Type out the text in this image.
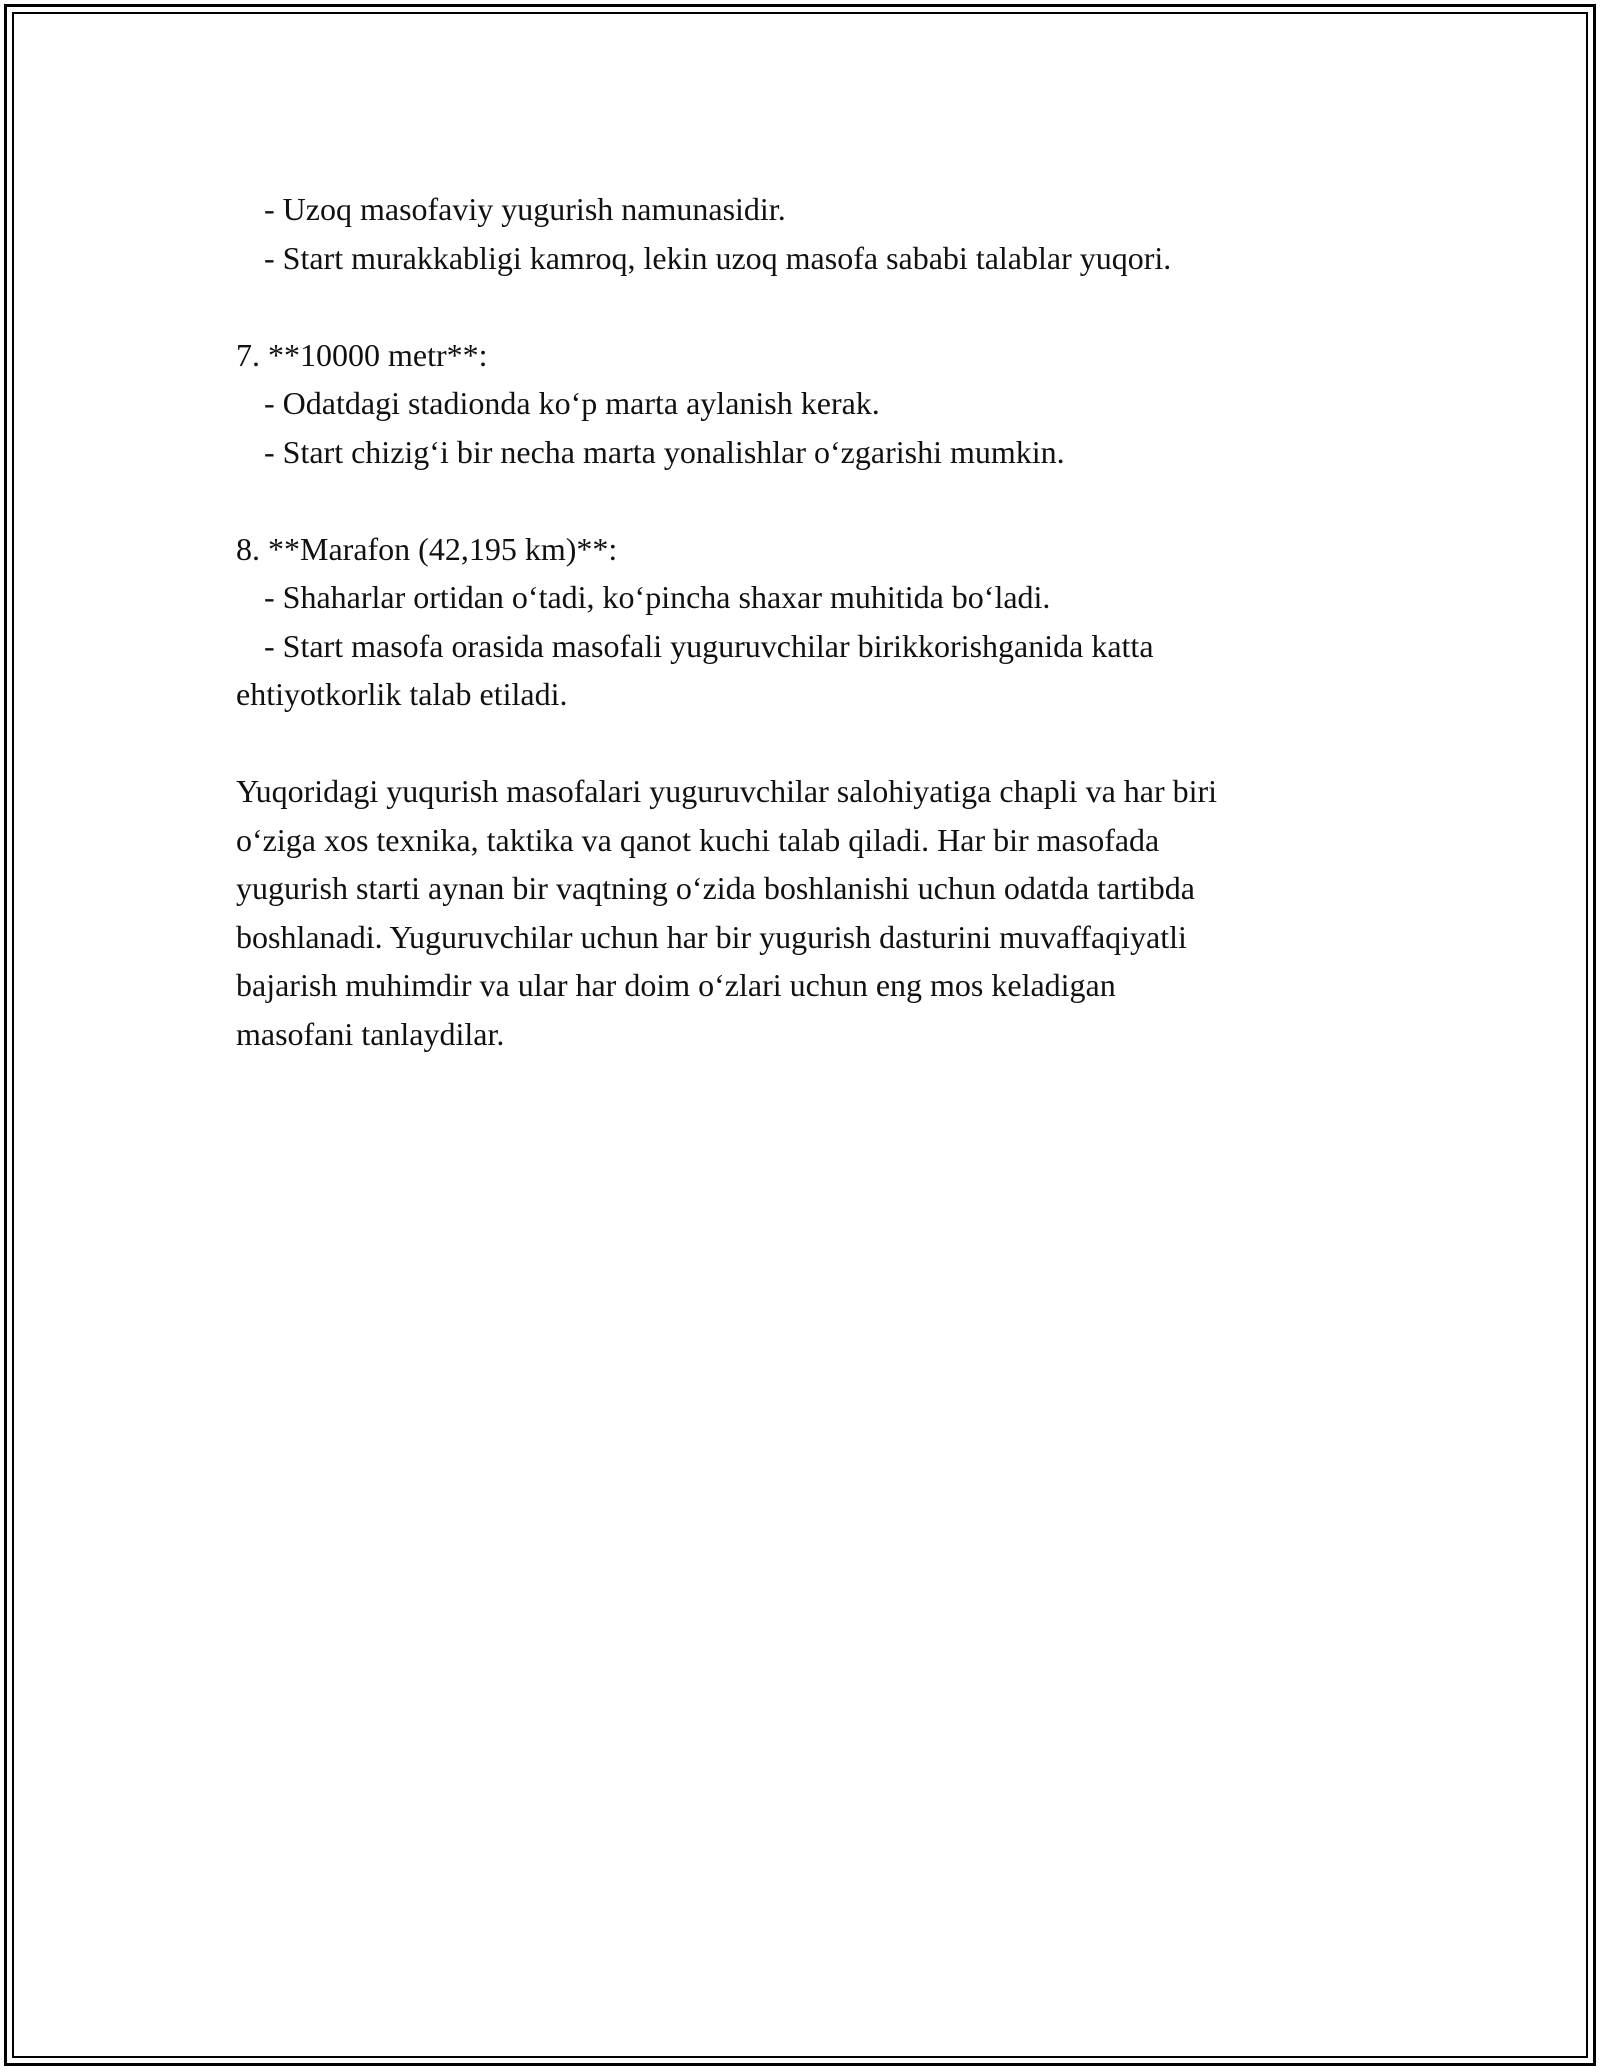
- Uzoq masofaviy yugurish namunasidir.

- Start murakkabligi kamroq, lekin uzoq masofa sababi talablar yuqori.

7. **10000 metr**:

- Odatdagi stadionda ko‘p marta aylanish kerak.

- Start chizig‘i bir necha marta yonalishlar o‘zgarishi mumkin.

8. **Marafon (42,195 km)**:

- Shaharlar ortidan o‘tadi, ko‘pincha shaxar muhitida bo‘ladi.

- Start masofa orasida masofali yuguruvchilar birikkorishganida katta

ehtiyotkorlik talab etiladi.

Yuqoridagi yuqurish masofalari yuguruvchilar salohiyatiga chapli va har biri

o‘ziga xos texnika, taktika va qanot kuchi talab qiladi. Har bir masofada

yugurish starti aynan bir vaqtning o‘zida boshlanishi uchun odatda tartibda

boshlanadi. Yuguruvchilar uchun har bir yugurish dasturini muvaffaqiyatli

bajarish muhimdir va ular har doim o‘zlari uchun eng mos keladigan

masofani tanlaydilar.
